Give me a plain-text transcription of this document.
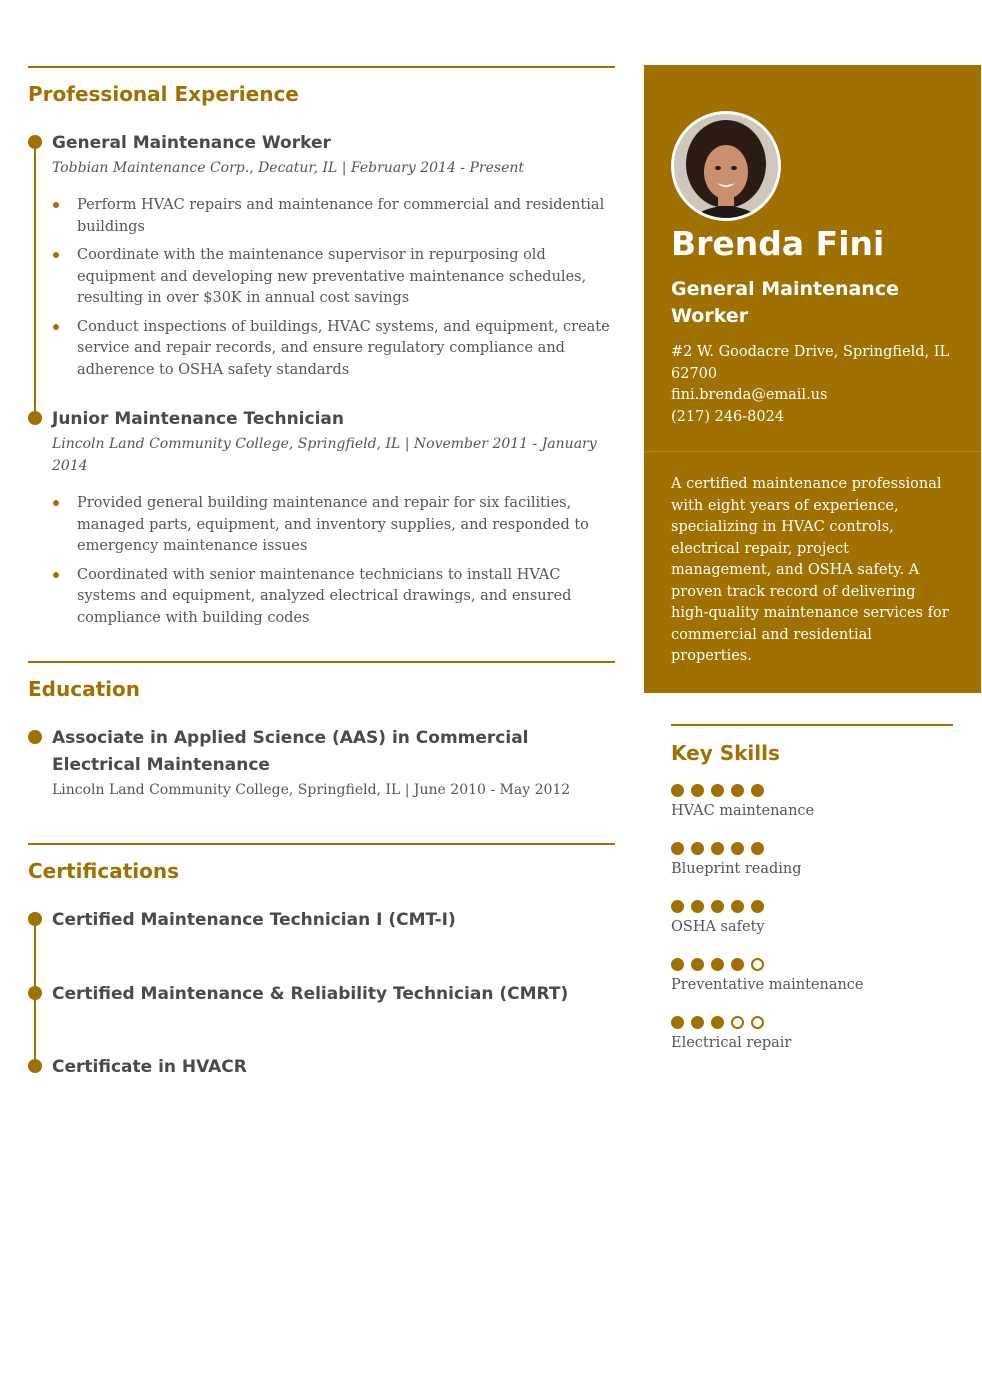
Professional Experience
General Maintenance Worker
Tobbian Maintenance Corp., Decatur, IL | February 2014 - Present
Perform HVAC repairs and maintenance for commercial and residential buildings
Coordinate with the maintenance supervisor in repurposing old equipment and developing new preventative maintenance schedules, resulting in over $30K in annual cost savings
Conduct inspections of buildings, HVAC systems, and equipment, create service and repair records, and ensure regulatory compliance and adherence to OSHA safety standards
Junior Maintenance Technician
Lincoln Land Community College, Springfield, IL | November 2011 - January 2014
Provided general building maintenance and repair for six facilities, managed parts, equipment, and inventory supplies, and responded to emergency maintenance issues
Coordinated with senior maintenance technicians to install HVAC systems and equipment, analyzed electrical drawings, and ensured compliance with building codes
Education
Associate in Applied Science (AAS) in Commercial Electrical Maintenance
Lincoln Land Community College, Springfield, IL | June 2010 - May 2012
Certifications
Certified Maintenance Technician I (CMT-I)
Certified Maintenance & Reliability Technician (CMRT)
Certificate in HVACR
Brenda Fini
General Maintenance Worker
#2 W. Goodacre Drive, Springfield, IL 62700
fini.brenda@email.us
(217) 246-8024
A certified maintenance professional with eight years of experience, specializing in HVAC controls, electrical repair, project management, and OSHA safety. A proven track record of delivering high-quality maintenance services for commercial and residential properties.
Key Skills
HVAC maintenance
Blueprint reading
OSHA safety
Preventative maintenance
Electrical repair
